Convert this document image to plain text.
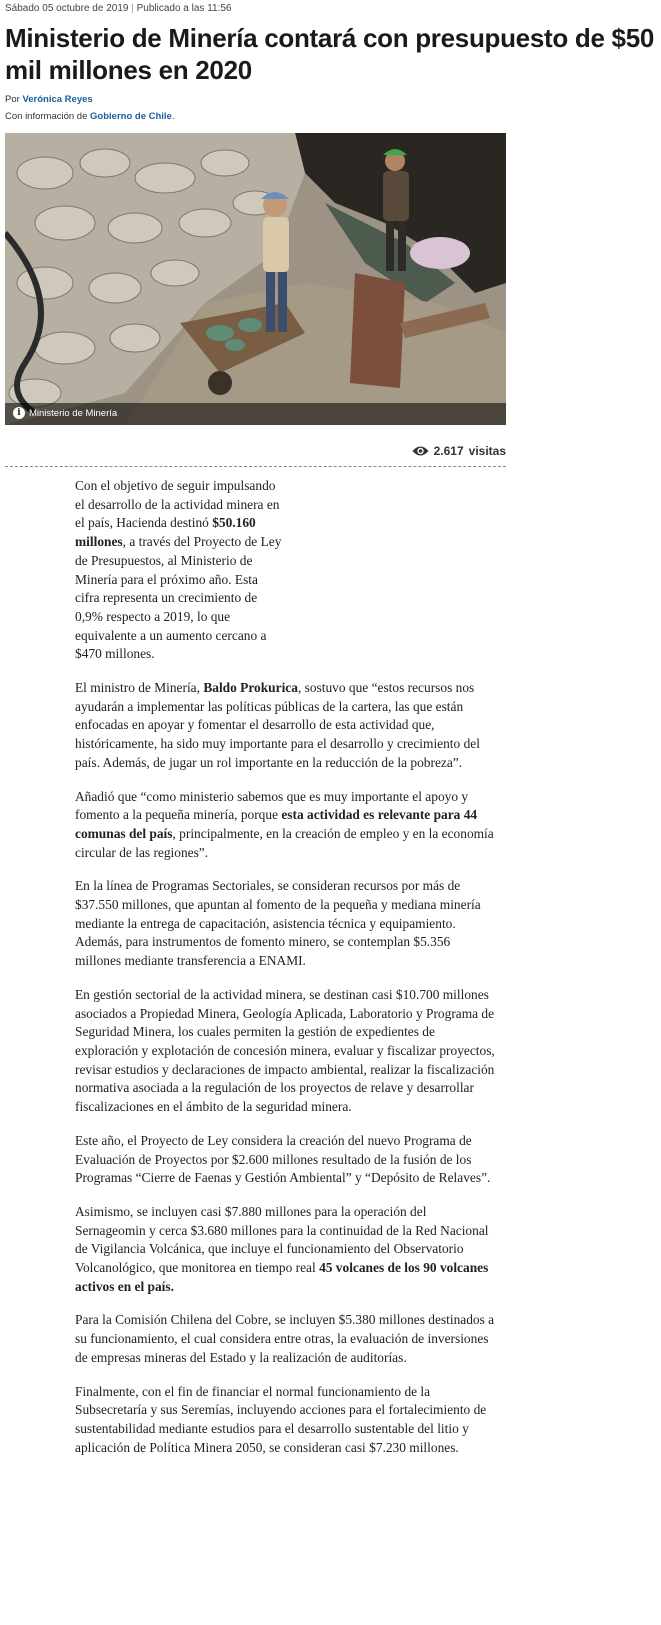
Sábado 05 octubre de 2019 | Publicado a las 11:56
Ministerio de Minería contará con presupuesto de $50 mil millones en 2020
Por Verónica Reyes
Con información de Gobierno de Chile.
i Ministerio de Minería
2.617 visitas

Con el objetivo de seguir impulsando el desarrollo de la actividad minera en el país, Hacienda destinó $50.160 millones, a través del Proyecto de Ley de Presupuestos, al Ministerio de Minería para el próximo año. Esta cifra representa un crecimiento de 0,9% respecto a 2019, lo que equivalente a un aumento cercano a $470 millones.

El ministro de Minería, Baldo Prokurica, sostuvo que “estos recursos nos ayudarán a implementar las políticas públicas de la cartera, las que están enfocadas en apoyar y fomentar el desarrollo de esta actividad que, históricamente, ha sido muy importante para el desarrollo y crecimiento del país. Además, de jugar un rol importante en la reducción de la pobreza”.

Añadió que “como ministerio sabemos que es muy importante el apoyo y fomento a la pequeña minería, porque esta actividad es relevante para 44 comunas del país, principalmente, en la creación de empleo y en la economía circular de las regiones”.

En la línea de Programas Sectoriales, se consideran recursos por más de $37.550 millones, que apuntan al fomento de la pequeña y mediana minería mediante la entrega de capacitación, asistencia técnica y equipamiento. Además, para instrumentos de fomento minero, se contemplan $5.356 millones mediante transferencia a ENAMI.

En gestión sectorial de la actividad minera, se destinan casi $10.700 millones asociados a Propiedad Minera, Geología Aplicada, Laboratorio y Programa de Seguridad Minera, los cuales permiten la gestión de expedientes de exploración y explotación de concesión minera, evaluar y fiscalizar proyectos, revisar estudios y declaraciones de impacto ambiental, realizar la fiscalización normativa asociada a la regulación de los proyectos de relave y desarrollar fiscalizaciones en el ámbito de la seguridad minera.

Este año, el Proyecto de Ley considera la creación del nuevo Programa de Evaluación de Proyectos por $2.600 millones resultado de la fusión de los Programas “Cierre de Faenas y Gestión Ambiental” y “Depósito de Relaves”.

Asimismo, se incluyen casi $7.880 millones para la operación del Sernageomin y cerca $3.680 millones para la continuidad de la Red Nacional de Vigilancia Volcánica, que incluye el funcionamiento del Observatorio Volcanológico, que monitorea en tiempo real 45 volcanes de los 90 volcanes activos en el país.

Para la Comisión Chilena del Cobre, se incluyen $5.380 millones destinados a su funcionamiento, el cual considera entre otras, la evaluación de inversiones de empresas mineras del Estado y la realización de auditorías.

Finalmente, con el fin de financiar el normal funcionamiento de la Subsecretaría y sus Seremías, incluyendo acciones para el fortalecimiento de sustentabilidad mediante estudios para el desarrollo sustentable del litio y aplicación de Política Minera 2050, se consideran casi $7.230 millones.
